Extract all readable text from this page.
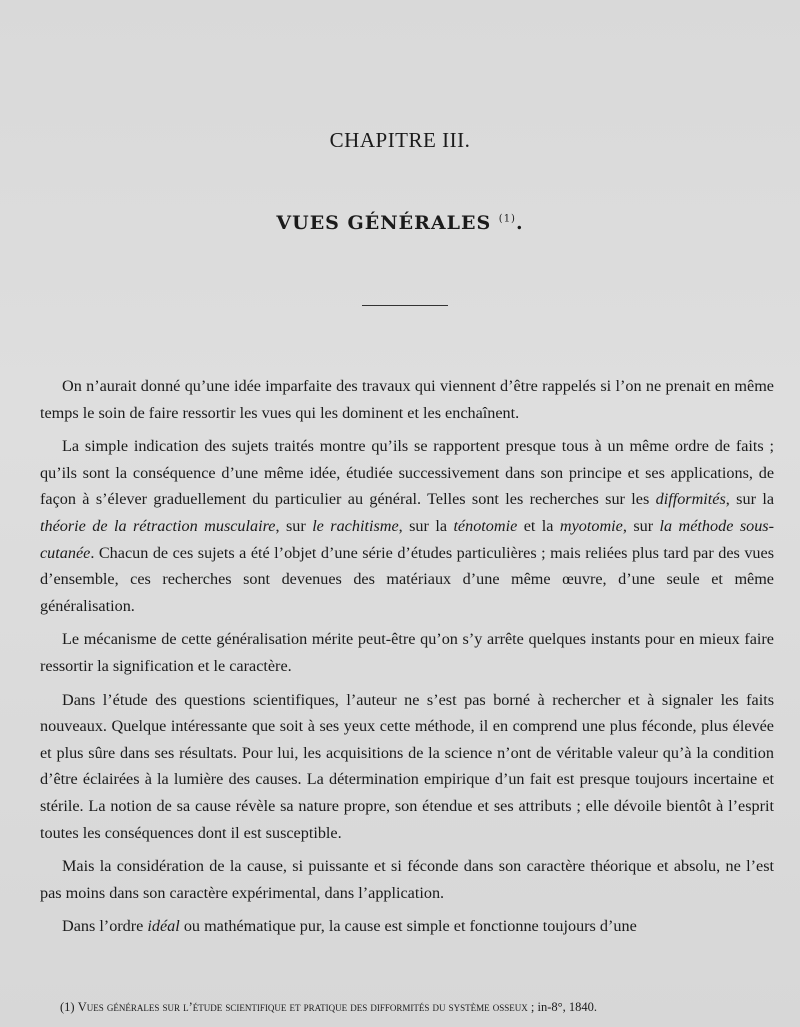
CHAPITRE III.
VUES GÉNÉRALES $^{(1)}$.

On n’aurait donné qu’une idée imparfaite des travaux qui viennent d’être rappelés si l’on ne prenait en même temps le soin de faire ressortir les vues qui les dominent et les enchaînent.

La simple indication des sujets traités montre qu’ils se rapportent presque tous à un même ordre de faits ; qu’ils sont la conséquence d’une même idée, étudiée successivement dans son principe et ses applications, de façon à s’élever graduellement du particulier au général. Telles sont les recherches sur les difformités, sur la théorie de la rétraction musculaire, sur le rachitisme, sur la ténotomie et la myotomie, sur la méthode sous-cutanée. Chacun de ces sujets a été l’objet d’une série d’études particulières ; mais reliées plus tard par des vues d’ensemble, ces recherches sont devenues des matériaux d’une même œuvre, d’une seule et même généralisation.

Le mécanisme de cette généralisation mérite peut-être qu’on s’y arrête quelques instants pour en mieux faire ressortir la signification et le caractère.

Dans l’étude des questions scientifiques, l’auteur ne s’est pas borné à rechercher et à signaler les faits nouveaux. Quelque intéressante que soit à ses yeux cette méthode, il en comprend une plus féconde, plus élevée et plus sûre dans ses résultats. Pour lui, les acquisitions de la science n’ont de véritable valeur qu’à la condition d’être éclairées à la lumière des causes. La détermination empirique d’un fait est presque toujours incertaine et stérile. La notion de sa cause révèle sa nature propre, son étendue et ses attributs ; elle dévoile bientôt à l’esprit toutes les conséquences dont il est susceptible.

Mais la considération de la cause, si puissante et si féconde dans son caractère théorique et absolu, ne l’est pas moins dans son caractère expérimental, dans l’application.

Dans l’ordre idéal ou mathématique pur, la cause est simple et fonctionne toujours d’une

(1) Vues générales sur l’étude scientifique et pratique des difformités du système osseux ; in-8°, 1840.
